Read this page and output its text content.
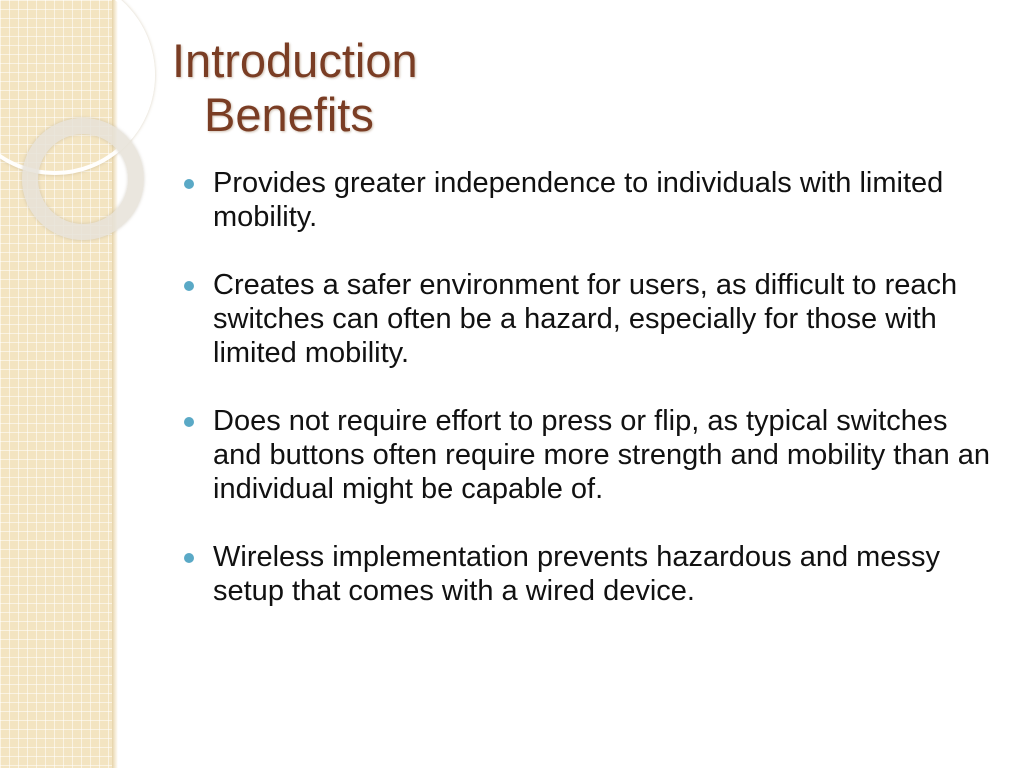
Introduction
Benefits
Provides greater independence to individuals with limited mobility.
Creates a safer environment for users, as difficult to reach switches can often be a hazard, especially for those with limited mobility.
Does not require effort to press or flip, as typical switches and buttons often require more strength and mobility than an individual might be capable of.
Wireless implementation prevents hazardous and messy setup that comes with a wired device.
